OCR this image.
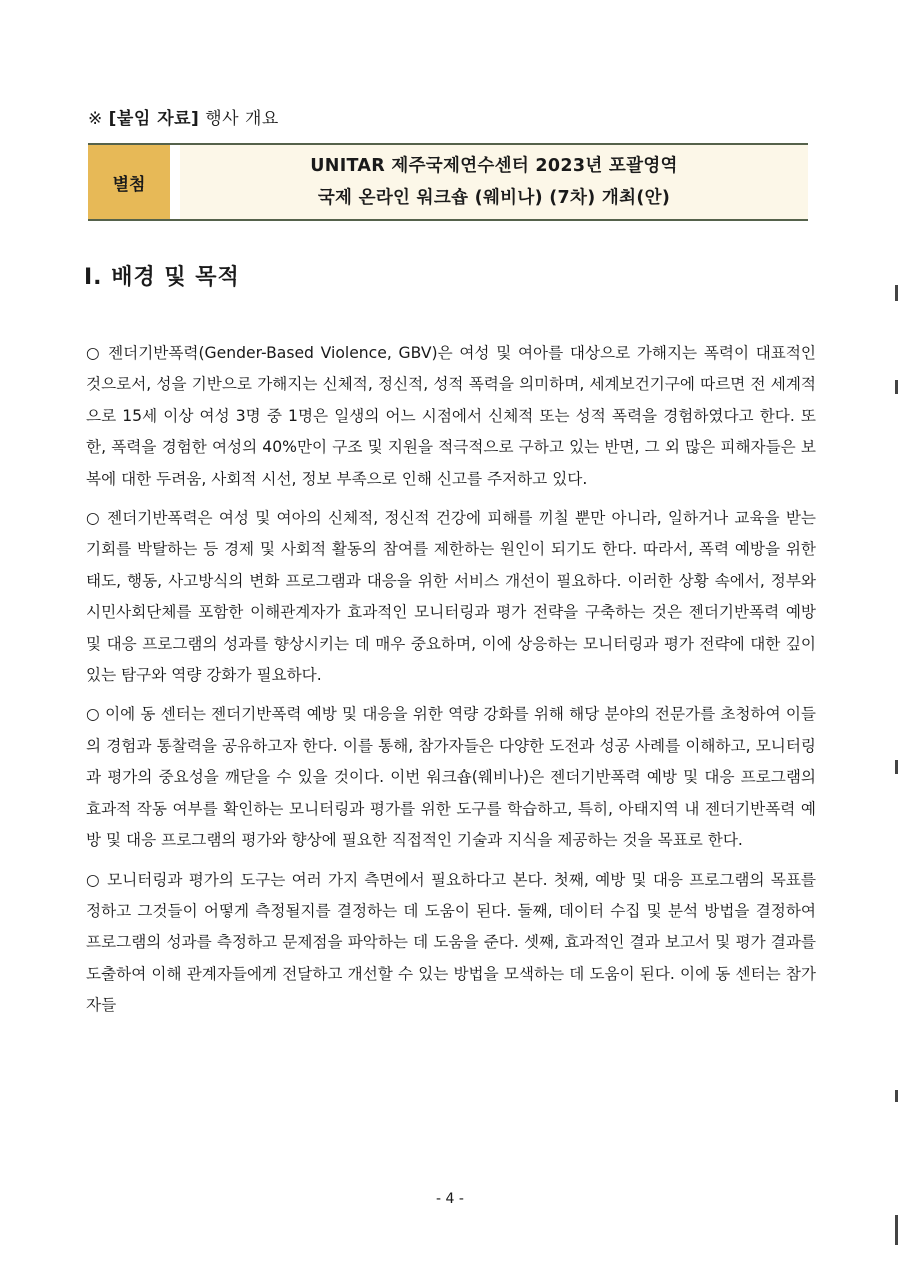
※ [붙임 자료] 행사 개요
별첨
UNITAR 제주국제연수센터 2023년 포괄영역
국제 온라인 워크숍 (웨비나) (7차) 개최(안)
I. 배경 및 목적

○ 젠더기반폭력(Gender-Based Violence, GBV)은 여성 및 여아를 대상으로 가해지는 폭력이 대표적인 것으로서, 성을 기반으로 가해지는 신체적, 정신적, 성적 폭력을 의미하며, 세계보건기구에 따르면 전 세계적으로 15세 이상 여성 3명 중 1명은 일생의 어느 시점에서 신체적 또는 성적 폭력을 경험하였다고 한다. 또한, 폭력을 경험한 여성의 40%만이 구조 및 지원을 적극적으로 구하고 있는 반면, 그 외 많은 피해자들은 보복에 대한 두려움, 사회적 시선, 정보 부족으로 인해 신고를 주저하고 있다.

○ 젠더기반폭력은 여성 및 여아의 신체적, 정신적 건강에 피해를 끼칠 뿐만 아니라, 일하거나 교육을 받는 기회를 박탈하는 등 경제 및 사회적 활동의 참여를 제한하는 원인이 되기도 한다. 따라서, 폭력 예방을 위한 태도, 행동, 사고방식의 변화 프로그램과 대응을 위한 서비스 개선이 필요하다. 이러한 상황 속에서, 정부와 시민사회단체를 포함한 이해관계자가 효과적인 모니터링과 평가 전략을 구축하는 것은 젠더기반폭력 예방 및 대응 프로그램의 성과를 향상시키는 데 매우 중요하며, 이에 상응하는 모니터링과 평가 전략에 대한 깊이 있는 탐구와 역량 강화가 필요하다.

○ 이에 동 센터는 젠더기반폭력 예방 및 대응을 위한 역량 강화를 위해 해당 분야의 전문가를 초청하여 이들의 경험과 통찰력을 공유하고자 한다. 이를 통해, 참가자들은 다양한 도전과 성공 사례를 이해하고, 모니터링과 평가의 중요성을 깨닫을 수 있을 것이다. 이번 워크숍(웨비나)은 젠더기반폭력 예방 및 대응 프로그램의 효과적 작동 여부를 확인하는 모니터링과 평가를 위한 도구를 학습하고, 특히, 아태지역 내 젠더기반폭력 예방 및 대응 프로그램의 평가와 향상에 필요한 직접적인 기술과 지식을 제공하는 것을 목표로 한다.

○ 모니터링과 평가의 도구는 여러 가지 측면에서 필요하다고 본다. 첫째, 예방 및 대응 프로그램의 목표를 정하고 그것들이 어떻게 측정될지를 결정하는 데 도움이 된다. 둘째, 데이터 수집 및 분석 방법을 결정하여 프로그램의 성과를 측정하고 문제점을 파악하는 데 도움을 준다. 셋째, 효과적인 결과 보고서 및 평가 결과를 도출하여 이해 관계자들에게 전달하고 개선할 수 있는 방법을 모색하는 데 도움이 된다. 이에 동 센터는 참가자들

- 4 -
